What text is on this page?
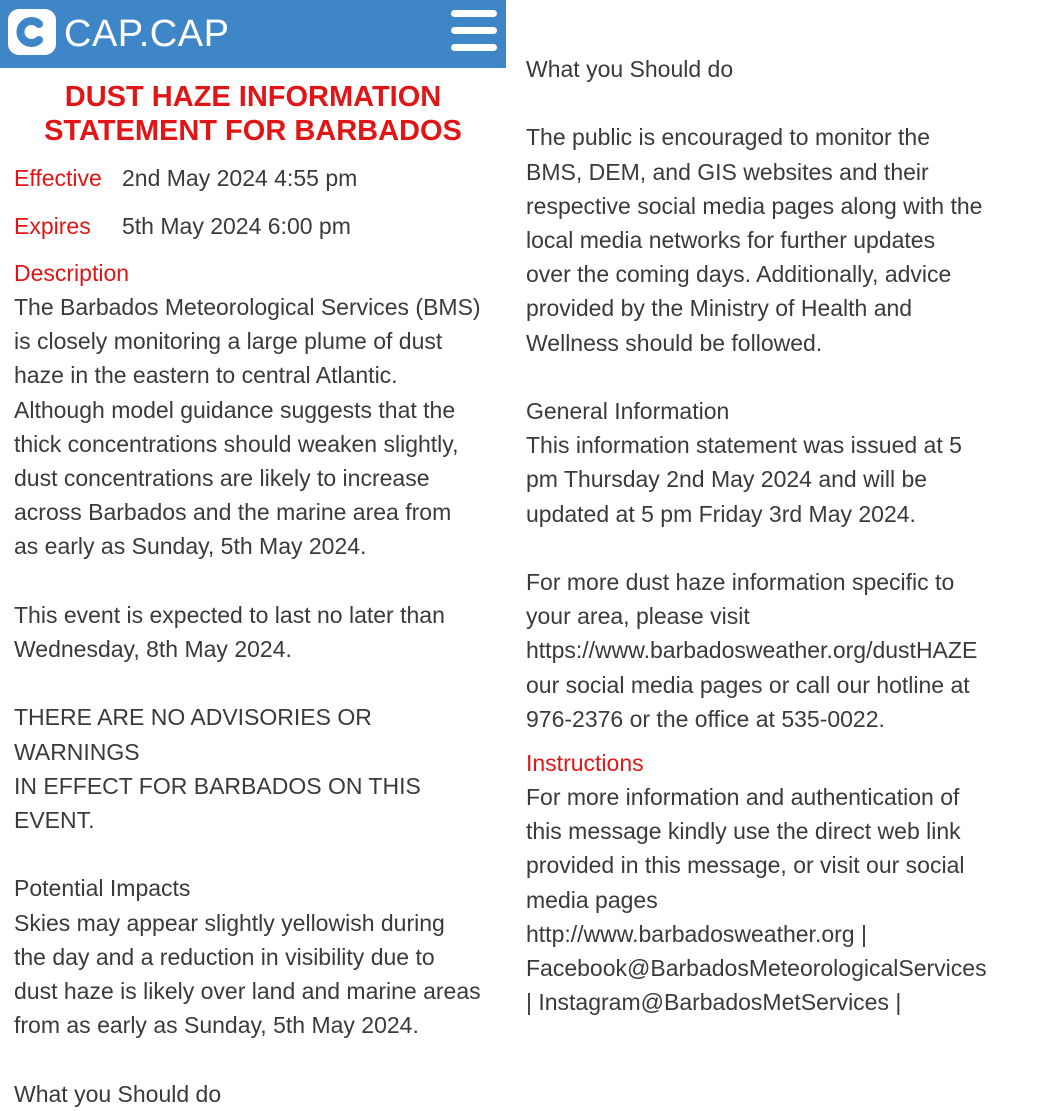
CAP.CAP
DUST HAZE INFORMATION
STATEMENT FOR BARBADOS
Effective 2nd May 2024 4:55 pm
Expires 5th May 2024 6:00 pm
Description
The Barbados Meteorological Services (BMS)
is closely monitoring a large plume of dust
haze in the eastern to central Atlantic.
Although model guidance suggests that the
thick concentrations should weaken slightly,
dust concentrations are likely to increase
across Barbados and the marine area from
as early as Sunday, 5th May 2024.

This event is expected to last no later than
Wednesday, 8th May 2024.

THERE ARE NO ADVISORIES OR WARNINGS
IN EFFECT FOR BARBADOS ON THIS EVENT.

Potential Impacts
Skies may appear slightly yellowish during
the day and a reduction in visibility due to
dust haze is likely over land and marine areas
from as early as Sunday, 5th May 2024.

What you Should do
What you Should do

The public is encouraged to monitor the
BMS, DEM, and GIS websites and their
respective social media pages along with the
local media networks for further updates
over the coming days. Additionally, advice
provided by the Ministry of Health and
Wellness should be followed.

General Information
This information statement was issued at 5
pm Thursday 2nd May 2024 and will be
updated at 5 pm Friday 3rd May 2024.

For more dust haze information specific to
your area, please visit
https://www.barbadosweather.org/dustHAZE
our social media pages or call our hotline at
976-2376 or the office at 535-0022.
Instructions
For more information and authentication of
this message kindly use the direct web link
provided in this message, or visit our social
media pages
http://www.barbadosweather.org |
Facebook@BarbadosMeteorologicalServices
| Instagram@BarbadosMetServices |
